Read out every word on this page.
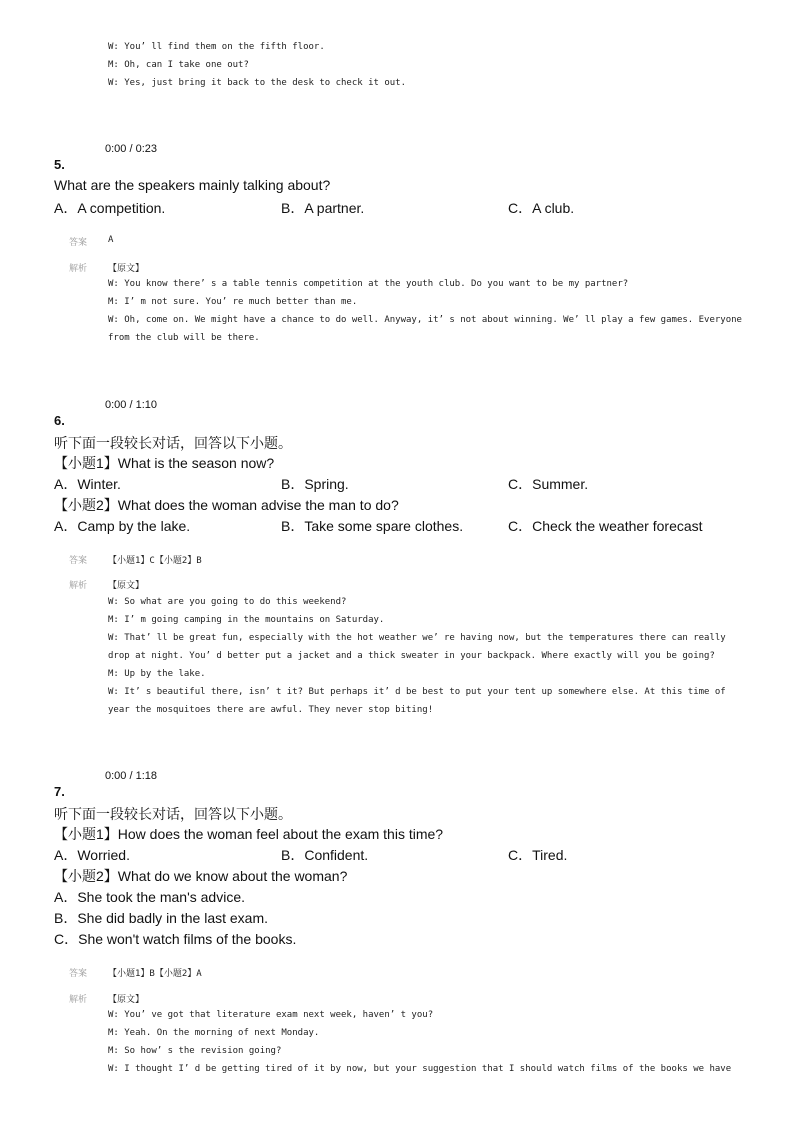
W: You’ ll find them on the fifth floor.
M: Oh, can I take one out?
W: Yes, just bring it back to the desk to check it out.
0:00 / 0:23
5.
What are the speakers mainly talking about?
A．A competition.	B．A partner.	C．A club.
答案 A
解析 【原文】
W: You know there’ s a table tennis competition at the youth club. Do you want to be my partner?
M: I’ m not sure. You’ re much better than me.
W: Oh, come on. We might have a chance to do well. Anyway, it’ s not about winning. We’ ll play a few games. Everyone
from the club will be there.
0:00 / 1:10
6.
听下面一段较长对话，回答以下小题。
【小题1】What is the season now?
A．Winter.	B．Spring.	C．Summer.
【小题2】What does the woman advise the man to do?
A．Camp by the lake.	B．Take some spare clothes.	C．Check the weather forecast
答案 【小题1】C【小题2】B
解析 【原文】
W: So what are you going to do this weekend?
M: I’ m going camping in the mountains on Saturday.
W: That’ ll be great fun, especially with the hot weather we’ re having now, but the temperatures there can really
drop at night. You’ d better put a jacket and a thick sweater in your backpack. Where exactly will you be going?
M: Up by the lake.
W: It’ s beautiful there, isn’ t it? But perhaps it’ d be best to put your tent up somewhere else. At this time of
year the mosquitoes there are awful. They never stop biting!
0:00 / 1:18
7.
听下面一段较长对话，回答以下小题。
【小题1】How does the woman feel about the exam this time?
A．Worried.	B．Confident.	C．Tired.
【小题2】What do we know about the woman?
A．She took the man's advice.
B．She did badly in the last exam.
C．She won't watch films of the books.
答案 【小题1】B【小题2】A
解析 【原文】
W: You’ ve got that literature exam next week, haven’ t you?
M: Yeah. On the morning of next Monday.
M: So how’ s the revision going?
W: I thought I’ d be getting tired of it by now, but your suggestion that I should watch films of the books we have
